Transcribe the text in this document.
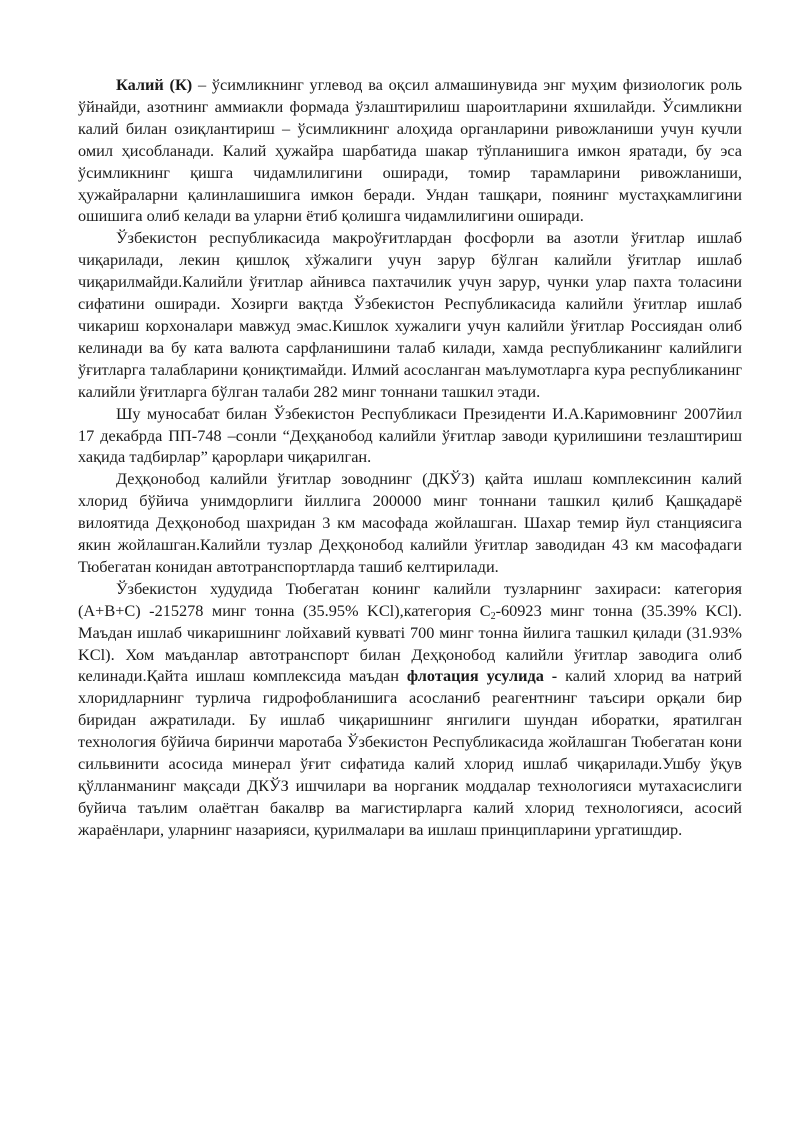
Калий (К) – ўсимликнинг углевод ва оқсил алмашинувида энг муҳим физиологик роль ўйнайди, азотнинг аммиакли формада ўзлаштирилиш шароитларини яхшилайди. Ўсимликни калий билан озиқлантириш – ўсимликнинг алоҳида органларини ривожланиши учун кучли омил ҳисобланади. Калий ҳужайра шарбатида шакар тўпланишига имкон яратади, бу эса ўсимликнинг қишга чидамлилигини оширади, томир тарамларини ривожланиши, ҳужайраларни қалинлашишига имкон беради. Ундан ташқари, поянинг мустаҳкамлигини ошишига олиб келади ва уларни ётиб қолишга чидамлилигини оширади.

Ўзбекистон республикасида макроўғитлардан фосфорли ва азотли ўғитлар ишлаб чиқарилади, лекин қишлоқ хўжалиги учун зарур бўлган калийли ўғитлар ишлаб чиқарилмайди.Калийли ўғитлар айнивса пахтачилик учун зарур, чунки улар пахта толасини сифатини оширади. Хозирги вақтда Ўзбекистон Республикасида калийли ўғитлар ишлаб чикариш корхоналари мавжуд эмас.Кишлок хужалиги учун калийли ўғитлар Россиядан олиб келинади ва бу ката валюта сарфланишини талаб килади, хамда республиканинг калийлиги ўғитларга талабларини қониқтимайди. Илмий асосланган маълумотларга кура республиканинг калийли ўғитларга бўлган талаби 282 минг тоннани ташкил этади.

Шу муносабат билан Ўзбекистон Республикаси Президенти И.А.Каримовнинг 2007йил 17 декабрда ПП-748 –сонли “Деҳқанобод калийли ўғитлар заводи қурилишини тезлаштириш хақида тадбирлар” қарорлари чиқарилган.

Деҳқонобод калийли ўғитлар зоводнинг (ДКЎЗ) қайта ишлаш комплексинин калий хлорид бўйича унимдорлиги йиллига 200000 минг тоннани ташкил қилиб Қашқадарё вилоятида Деҳқонобод шахридан 3 км масофада жойлашган. Шахар темир йул станциясига якин жойлашган.Калийли тузлар Деҳқонобод калийли ўғитлар заводидан 43 км масофадаги Тюбегатан конидан автотранспортларда ташиб келтирилади.

Ўзбекистон худудида Тюбегатан конинг калийли тузларнинг захираси: категория (А+В+С) -215278 минг тонна (35.95% KCl),категория $С_2-60923$ минг тонна (35.39% KCl). Маъдан ишлаб чикаришнинг лойхавий кувватi 700 минг тонна йилига ташкил қилади (31.93% KCl). Хом маъданлар автотранспорт билан Деҳқонобод калийли ўғитлар заводига олиб келинади.Қайта ишлаш комплексида маъдан флотация усулида - калий хлорид ва натрий хлоридларнинг турлича гидрофобланишига асосланиб реагентнинг таъсири орқали бир биридан ажратилади. Бу ишлаб чиқаришнинг янгилиги шундан иборатки, яратилган технология бўйича биринчи маротаба Ўзбекистон Республикасида жойлашган Тюбегатан кони сильвинити асосида минерал ўғит сифатида калий хлорид ишлаб чиқарилади.Ушбу ўқув қўлланманинг мақсади ДКЎЗ ишчилари ва норганик моддалар технологияси мутахасислиги буйича таълим олаётган бакалвр ва магистирларга калий хлорид технологияси, асосий жараёнлари, уларнинг назарияси, қурилмалари ва ишлаш принципларини ургатишдир.
